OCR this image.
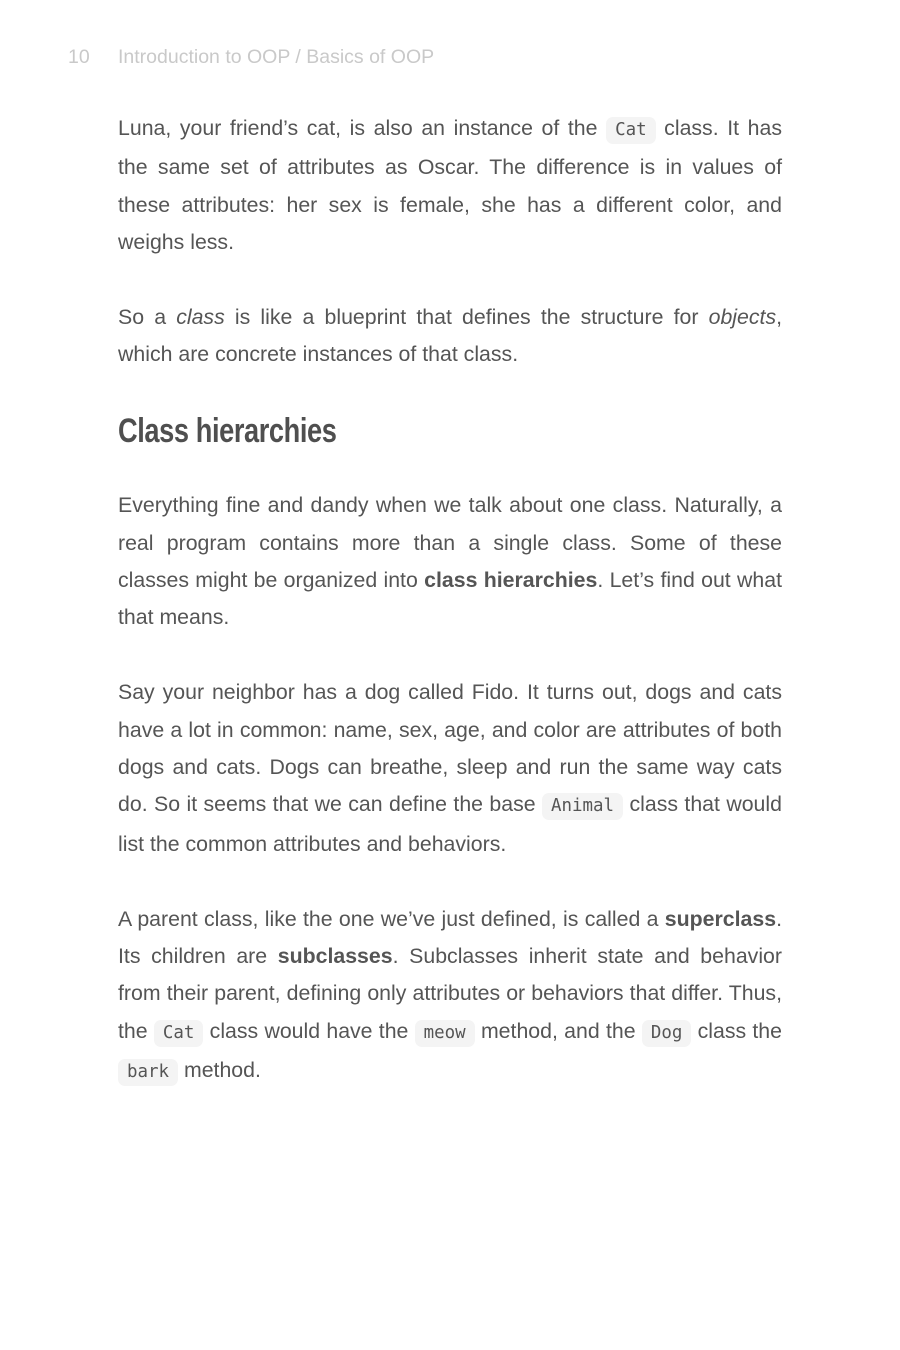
10	Introduction to OOP / Basics of OOP

Luna, your friend’s cat, is also an instance of the Cat class. It has the same set of attributes as Oscar. The difference is in values of these attributes: her sex is female, she has a different color, and weighs less.

So a class is like a blueprint that defines the structure for objects, which are concrete instances of that class.

Class hierarchies

Everything fine and dandy when we talk about one class. Naturally, a real program contains more than a single class. Some of these classes might be organized into class hierarchies. Let’s find out what that means.

Say your neighbor has a dog called Fido. It turns out, dogs and cats have a lot in common: name, sex, age, and color are attributes of both dogs and cats. Dogs can breathe, sleep and run the same way cats do. So it seems that we can define the base Animal class that would list the common attributes and behaviors.

A parent class, like the one we’ve just defined, is called a superclass. Its children are subclasses. Subclasses inherit state and behavior from their parent, defining only attributes or behaviors that differ. Thus, the Cat class would have the meow method, and the Dog class the bark method.
